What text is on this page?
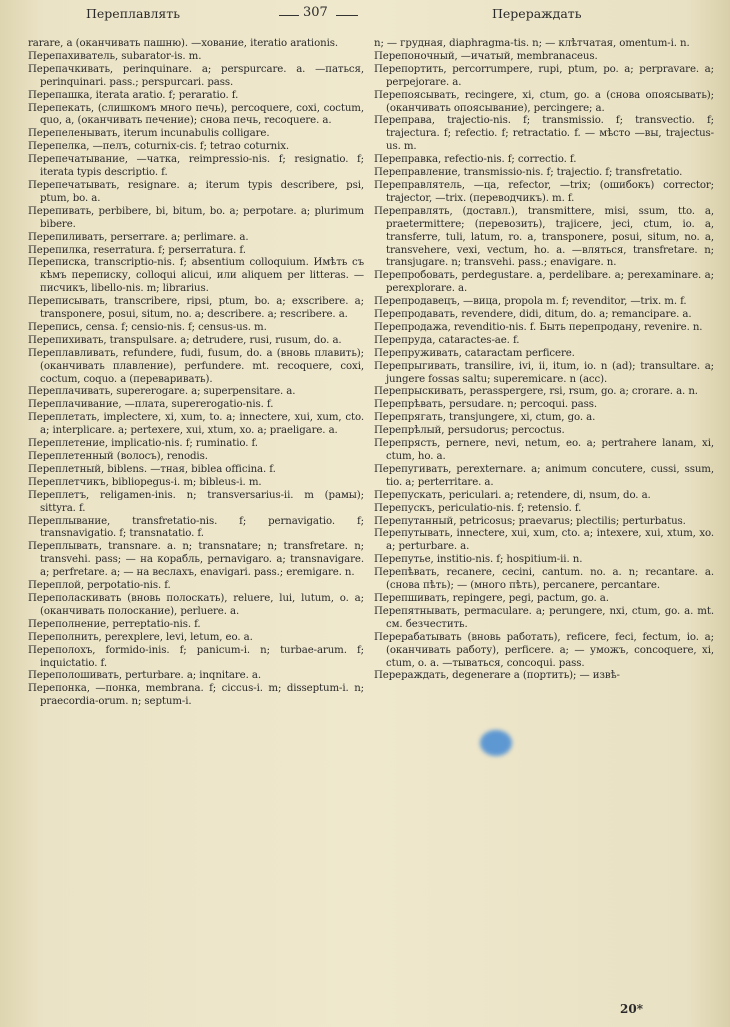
Переплавлять	307	Перераждать

rarare, a (оканчивать пашню). —хование, iteratio arationis.

Перепахиватель, subarator-is. m.

Перепачкивать, perinquinare. a; perspurcare. a. —паться, perinquinari. pass.; perspurcari. pass.

Перепашка, iterata aratio. f; peraratio. f.

Перепекать, (слишкомъ много печь), percoquere, coxi, coctum, quo, a, (оканчивать печение); снова печь, recoquere. a.

Перепеленывать, iterum incunabulis colligare.

Перепелка, —пелъ, coturnix-cis. f; tetrao coturnix.

Перепечатывание, —чатка, reimpressio-nis. f; resignatio. f; iterata typis descriptio. f.

Перепечатывать, resignare. a; iterum typis describere, psi, ptum, bo. a.

Перепивать, perbibere, bi, bitum, bo. a; perpotare. a; plurimum bibere.

Перепиливать, perserrare. a; perlimare. a.

Перепилка, reserratura. f; perserratura. f.

Переписка, transcriptio-nis. f; absentium colloquium. Имѣть съ кѣмъ переписку, colloqui alicui, или aliquem per litteras. —писчикъ, libello-nis. m; librarius.

Переписывать, transcribere, ripsi, ptum, bo. a; exscribere. a; transponere, posui, situm, no. a; describere. a; rescribere. a.

Перепись, censa. f; censio-nis. f; census-us. m.

Перепихивать, transpulsare. a; detrudere, rusi, rusum, do. a.

Переплавливать, refundere, fudi, fusum, do. a (вновь плавить); (оканчивать плавление), perfundere. mt. recoquere, coxi, coctum, coquo. a (переваривать).

Переплачивать, supererogare. a; superpensitare. a.

Переплачивание, —плата, supererogatio-nis. f.

Переплетать, implectere, xi, xum, to. a; innectere, xui, xum, cto. a; interplicare. a; pertexere, xui, xtum, xo. a; praeligare. a.

Переплетение, implicatio-nis. f; ruminatio. f.

Переплетенный (волосъ), renodis.

Переплетный, biblens. —тная, biblea officina. f.

Переплетчикъ, bibliopegus-i. m; bibleus-i. m.

Переплетъ, religamen-inis. n; transversarius-ii. m (рамы); sittyra. f.

Переплывание, transfretatio-nis. f; pernavigatio. f; transnavigatio. f; transnatatio. f.

Переплывать, transnare. a. n; transnatare; n; transfretare. n; transvehi. pass; — на корабль, pernavigaro. a; transnavigare. a; perfretare. a; — на веслахъ, enavigari. pass.; eremigare. n.

Переплой, perpotatio-nis. f.

Переполаскивать (вновь полоскать), reluere, lui, lutum, o. a; (оканчивать полоскание), perluere. a.

Переполнение, perreptatio-nis. f.

Переполнить, perexplere, levi, letum, eo. a.

Переполохъ, formido-inis. f; panicum-i. n; turbae-arum. f; inquictatio. f.

Переполошивать, perturbare. a; inqnitare. a.

Перепонка, —понка, membrana. f; ciccus-i. m; disseptum-i. n; praecordia-orum. n; septum-i.

n; — грудная, diaphragma-tis. n; — клѣтчатая, omentum-i. n.

Перепоночный, —ичатый, membranaceus.

Перепортить, percorrumpere, rupi, ptum, po. a; perpravare. a; perpejorare. a.

Перепоясывать, recingere, xi, ctum, go. a (снова опоясывать); (оканчивать опоясывание), percingere; a.

Переправа, trajectio-nis. f; transmissio. f; transvectio. f; trajectura. f; refectio. f; retractatio. f. — мѣсто —вы, trajectus-us. m.

Переправка, refectio-nis. f; correctio. f.

Переправление, transmissio-nis. f; trajectio. f; transfretatio.

Переправлятель, —ца, refector, —trix; (ошибокъ) corrector; trajector, —trix. (переводчикъ). m. f.

Переправлять, (доставл.), transmittere, misi, ssum, tto. a, praetermittere; (перевозить), trajicere, jeci, ctum, io. a, transferre, tuli, latum, ro. a, transponere, posui, situm, no. a, transvehere, vexi, vectum, ho. a. —вляться, transfretare. n; transjugare. n; transvehi. pass.; enavigare. n.

Перепробовать, perdegustare. a, perdelibare. a; perexaminare. a; perexplorare. a.

Перепродавецъ, —вица, propola m. f; revenditor, —trix. m. f.

Перепродавать, revendere, didi, ditum, do. a; remancipare. a.

Перепродажа, revenditio-nis. f. Быть перепродану, revenire. n.

Перепруда, cataractes-ae. f.

Перепруживать, cataractam perficere.

Перепрыгивать, transilire, ivi, ii, itum, io. n (ad); transultare. a; jungere fossas saltu; superemicare. n (acc).

Перепрыскивать, perasspergere, rsi, rsum, go. a; crorare. a. n.

Перепрѣвать, persudare. n; percoqui. pass.

Перепрягать, transjungere, xi, ctum, go. a.

Перепрѣлый, persudorus; percoctus.

Перепрясть, pernere, nevi, netum, eo. a; pertrahere lanam, xi, ctum, ho. a.

Перепугивать, perexternare. a; animum concutere, cussi, ssum, tio. a; perterritare. a.

Перепускать, pericularі. a; retendere, di, nsum, do. a.

Перепускъ, periculatio-nis. f; retensio. f.

Перепутанный, petricosus; praevarus; plectilis; perturbatus.

Перепутывать, innectere, xui, xum, cto. a; intexere, xui, xtum, xo. a; perturbare. a.

Перепутье, institio-nis. f; hospitium-ii. n.

Перепѣвать, recanere, cecini, cantum. no. a. n; recantare. a. (снова пѣть); — (много пѣть), percanere, percantare.

Перепшивать, repingere, pegi, pactum, go. a.

Перепятнывать, permaculare. a; perungere, nxi, ctum, go. a. mt. см. безчестить.

Перерабатывать (вновь работать), reficere, feci, fectum, io. a; (оканчивать работу), perficere. a; — уможъ, concoquere, xi, ctum, o. a. —тываться, concoqui. pass.

Перераждать, degenerare a (портить); — извѣ-

20*
